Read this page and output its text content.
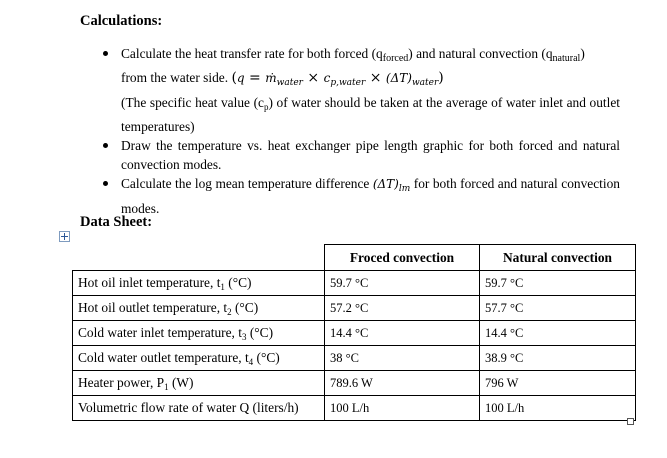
Calculations:
Calculate the heat transfer rate for both forced $(q_{forced})$ and natural convection $(q_{natural})$
from the water side. (q = ṁ$_{water}$ × $c_{p,water} \times (\Delta T)_{water}$)
(The specific heat value $(c_p)$ of water should be taken at the average of water inlet and outlet temperatures)
Draw the temperature vs. heat exchanger pipe length graphic for both forced and natural convection modes.
Calculate the log mean temperature difference $(\Delta T)_{lm}$ for both forced and natural convection modes.
Data Sheet:
	Froced convection	Natural convection
Hot oil inlet temperature, $t_1$ (°C)	59.7 °C	59.7 °C
Hot oil outlet temperature, $t_2$ (°C)	57.2 °C	57.7 °C
Cold water inlet temperature, $t_3$ (°C)	14.4 °C	14.4 °C
Cold water outlet temperature, $t_4$ (°C)	38 °C	38.9 °C
Heater power, $P_1$ (W)	789.6 W	796 W
Volumetric flow rate of water Q (liters/h)	100 L/h	100 L/h
